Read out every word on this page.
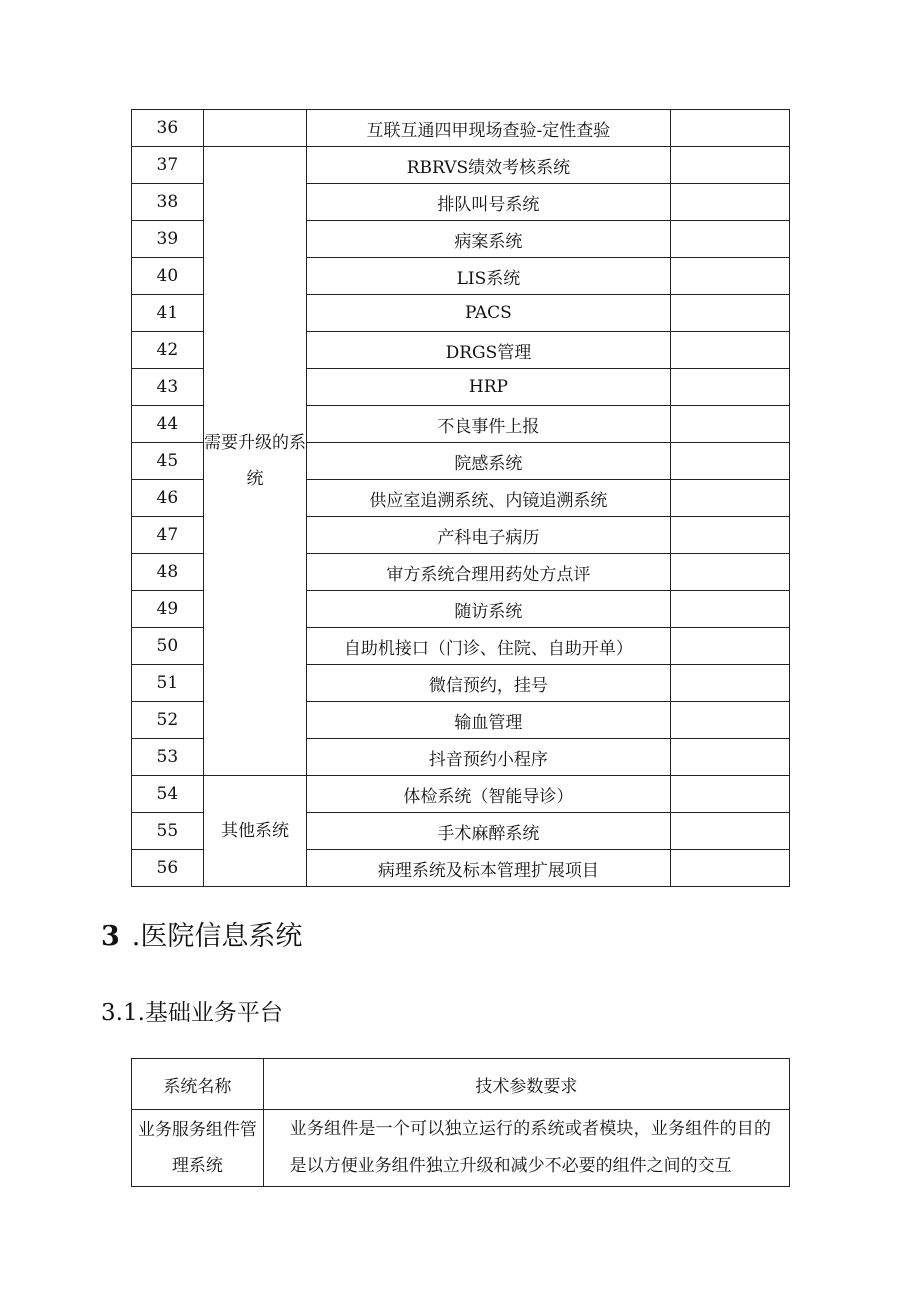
36		互联互通四甲现场查验-定性查验	
37	需要升级的系统	RBRVS绩效考核系统	
38		排队叫号系统	
39		病案系统	
40		LIS系统	
41		PACS	
42		DRGS管理	
43		HRP	
44		不良事件上报	
45		院感系统	
46		供应室追溯系统、内镜追溯系统	
47		产科电子病历	
48		审方系统合理用药处方点评	
49		随访系统	
50		自助机接口（门诊、住院、自助开单）	
51		微信预约，挂号	
52		输血管理	
53		抖音预约小程序	
54	其他系统	体检系统（智能导诊）	
55		手术麻醉系统	
56		病理系统及标本管理扩展项目	
3 .医院信息系统
3.1.基础业务平台
系统名称	技术参数要求
业务服务组件管理系统	业务组件是一个可以独立运行的系统或者模块，业务组件的目的是以方便业务组件独立升级和减少不必要的组件之间的交互
